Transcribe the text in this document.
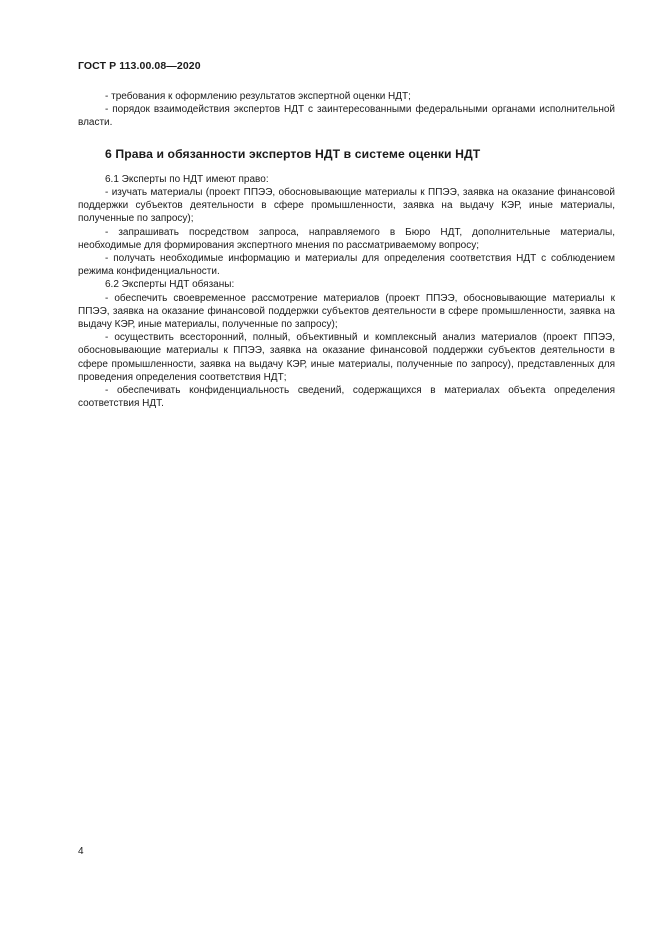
ГОСТ Р 113.00.08—2020

- требования к оформлению результатов экспертной оценки НДТ;

- порядок взаимодействия экспертов НДТ с заинтересованными федеральными органами исполнительной власти.

6 Права и обязанности экспертов НДТ в системе оценки НДТ

6.1 Эксперты по НДТ имеют право:

- изучать материалы (проект ППЭЭ, обосновывающие материалы к ППЭЭ, заявка на оказание финансовой поддержки субъектов деятельности в сфере промышленности, заявка на выдачу КЭР, иные материалы, полученные по запросу);

- запрашивать посредством запроса, направляемого в Бюро НДТ, дополнительные материалы, необходимые для формирования экспертного мнения по рассматриваемому вопросу;

- получать необходимые информацию и материалы для определения соответствия НДТ с соблюдением режима конфиденциальности.

6.2 Эксперты НДТ обязаны:

- обеспечить своевременное рассмотрение материалов (проект ППЭЭ, обосновывающие материалы к ППЭЭ, заявка на оказание финансовой поддержки субъектов деятельности в сфере промышленности, заявка на выдачу КЭР, иные материалы, полученные по запросу);

- осуществить всесторонний, полный, объективный и комплексный анализ материалов (проект ППЭЭ, обосновывающие материалы к ППЭЭ, заявка на оказание финансовой поддержки субъектов деятельности в сфере промышленности, заявка на выдачу КЭР, иные материалы, полученные по запросу), представленных для проведения определения соответствия НДТ;

- обеспечивать конфиденциальность сведений, содержащихся в материалах объекта определения соответствия НДТ.

4
